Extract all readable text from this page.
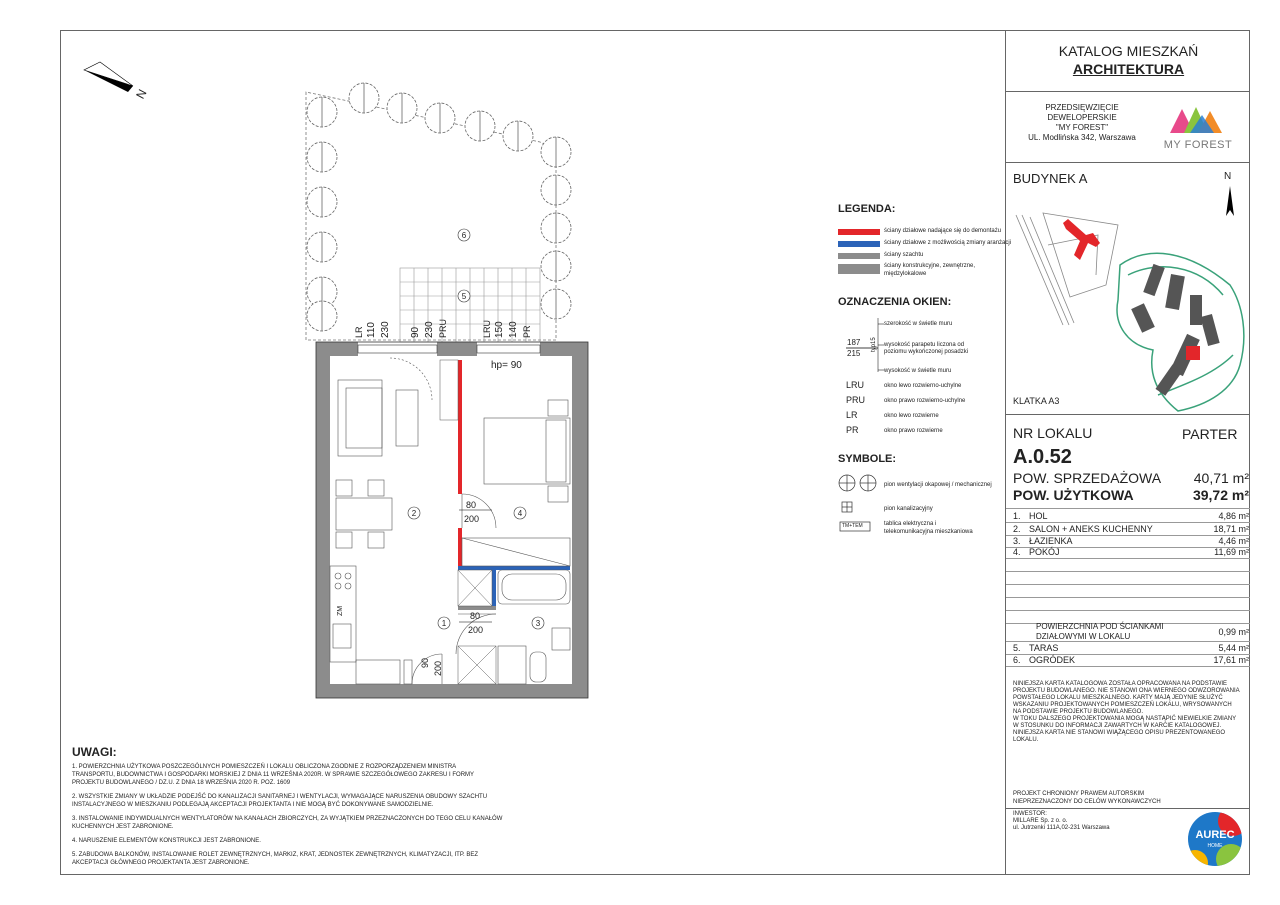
KATALOG MIESZKAŃ
ARCHITEKTURA
PRZEDSIĘWZIĘCIE
DEWELOPERSKIE
"MY FOREST"
UL. Modlińska 342, Warszawa
MY FOREST
BUDYNEK A	N
KLATKA A3
NR LOKALU	PARTER
A.0.52
POW. SPRZEDAŻOWA	40,71 m²
POW. UŻYTKOWA	39,72 m²
1. HOL	4,86 m²
2. SALON + ANEKS KUCHENNY	18,71 m²
3. ŁAZIENKA	4,46 m²
4. POKÓJ	11,69 m²
POWIERZCHNIA POD ŚCIANKAMI
DZIAŁOWYMI W LOKALU	0,99 m²
5. TARAS	5,44 m²
6. OGRÓDEK	17,61 m²
NINIEJSZA KARTA KATALOGOWA ZOSTAŁA OPRACOWANA NA PODSTAWIE
PROJEKTU BUDOWLANEGO. NIE STANOWI ONA WIERNEGO ODWZOROWANIA
POWSTAŁEGO LOKALU MIESZKALNEGO. KARTY MAJĄ JEDYNIE SŁUŻYĆ
WSKAZANIU PROJEKTOWANYCH POMIESZCZEŃ LOKALU, WRYSOWANYCH
NA PODSTAWIE PROJEKTU BUDOWLANEGO.
W TOKU DALSZEGO PROJEKTOWANIA MOGĄ NASTĄPIĆ NIEWIELKIE ZMIANY
W STOSUNKU DO INFORMACJI ZAWARTYCH W KARCIE KATALOGOWEJ.
NINIEJSZA KARTA NIE STANOWI WIĄŻĄCEGO OPISU PREZENTOWANEGO
LOKALU.
PROJEKT CHRONIONY PRAWEM AUTORSKIM
NIEPRZEZNACZONY DO CELÓW WYKONAWCZYCH
INWESTOR:
MILLARE Sp. z o. o.
ul. Jutrzenki 111A,02-231 Warszawa
AUREC
HOME
LEGENDA:
ściany działowe nadające się do demontażu
ściany działowe z możliwością zmiany aranżacji
ściany szachtu
ściany konstrukcyjne, zewnętrzne,
międzylokalowe
OZNACZENIA OKIEN:
187
215
typ15
szerokość w świetle muru
wysokość parapetu liczona od
poziomu wykończonej posadzki
wysokość w świetle muru
LRU	okno lewo rozwierno-uchylne
PRU	okno prawo rozwierno-uchylne
LR	okno lewo rozwierne
PR	okno prawo rozwierne
SYMBOLE:
TM+TEM
pion wentylacji okapowej / mechanicznej
pion kanalizacyjny
tablica elektryczna i
telekomunikacyjna mieszkaniowa
N
1
2
3
4
5
6
hp= 90
80
200
80
200
90 200
ZM
LR 110 230 90 230 PRU	LRU 150 140 PR
UWAGI:
1. POWIERZCHNIA UŻYTKOWA POSZCZEGÓLNYCH POMIESZCZEŃ I LOKALU OBLICZONA ZGODNIE Z ROZPORZĄDZENIEM MINISTRA
TRANSPORTU, BUDOWNICTWA I GOSPODARKI MORSKIEJ Z DNIA 11 WRZEŚNIA 2020R. W SPRAWIE SZCZEGÓŁOWEGO ZAKRESU I FORMY
PROJEKTU BUDOWLANEGO / DZ.U. Z DNIA 18 WRZEŚNIA 2020 R. POZ. 1609
2. WSZYSTKIE ZMIANY W UKŁADZIE PODEJŚĆ DO KANALIZACJI SANITARNEJ I WENTYLACJI, WYMAGAJĄCE NARUSZENIA OBUDOWY SZACHTU
INSTALACYJNEGO W MIESZKANIU PODLEGAJĄ AKCEPTACJI PROJEKTANTA I NIE MOGĄ BYĆ DOKONYWANE SAMODZIELNIE.
3. INSTALOWANIE INDYWIDUALNYCH WENTYLATORÓW NA KANAŁACH ZBIORCZYCH, ZA WYJĄTKIEM PRZEZNACZONYCH DO TEGO CELU KANAŁÓW
KUCHENNYCH JEST ZABRONIONE.
4. NARUSZENIE ELEMENTÓW KONSTRUKCJI JEST ZABRONIONE.
5. ZABUDOWA BALKONÓW, INSTALOWANIE ROLET ZEWNĘTRZNYCH, MARKIZ, KRAT, JEDNOSTEK ZEWNĘTRZNYCH, KLIMATYZACJI, ITP. BEZ
AKCEPTACJI GŁÓWNEGO PROJEKTANTA JEST ZABRONIONE.
